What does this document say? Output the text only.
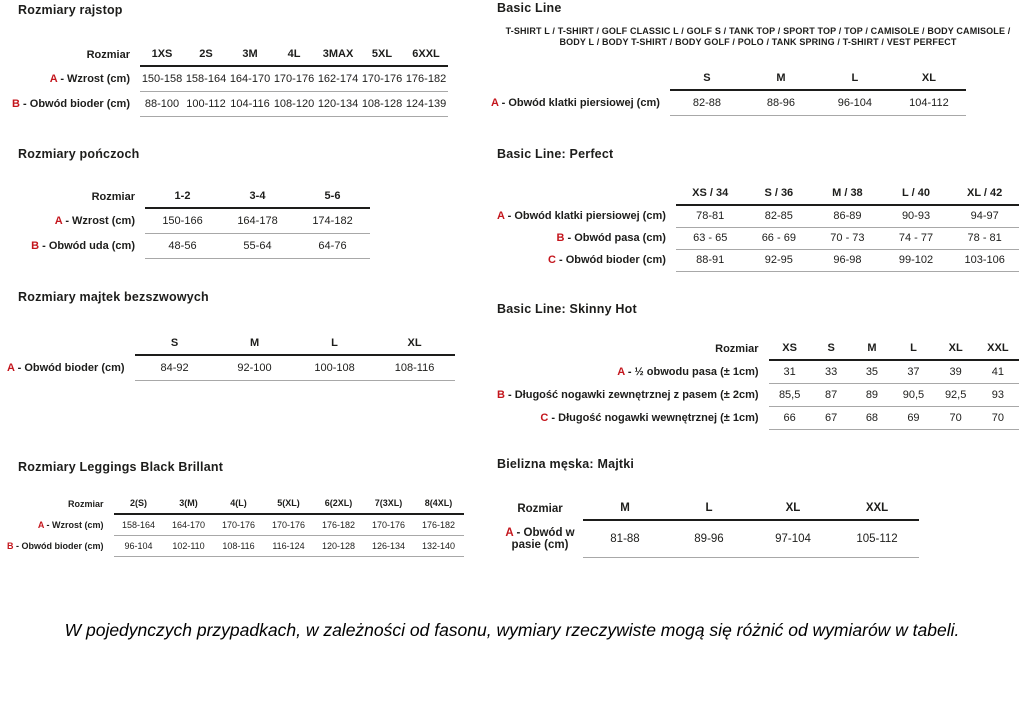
Rozmiary rajstop
Rozmiar	1XS	2S	3M	4L	3MAX	5XL	6XXL
A - Wzrost (cm)	150-158	158-164	164-170	170-176	162-174	170-176	176-182
B - Obwód bioder (cm)	88-100	100-112	104-116	108-120	120-134	108-128	124-139
Rozmiary pończoch
Rozmiar	1-2	3-4	5-6
A - Wzrost (cm)	150-166	164-178	174-182
B - Obwód uda (cm)	48-56	55-64	64-76
Rozmiary majtek bezszwowych
	S	M	L	XL
A - Obwód bioder (cm)	84-92	92-100	100-108	108-116
Rozmiary Leggings Black Brillant
Rozmiar	2(S)	3(M)	4(L)	5(XL)	6(2XL)	7(3XL)	8(4XL)
A - Wzrost (cm)	158-164	164-170	170-176	170-176	176-182	170-176	176-182
B - Obwód bioder (cm)	96-104	102-110	108-116	116-124	120-128	126-134	132-140
Basic Line

T-SHIRT L / T-SHIRT / GOLF CLASSIC L / GOLF S / TANK TOP / SPORT TOP / TOP / CAMISOLE / BODY CAMISOLE / BODY L / BODY T-SHIRT / BODY GOLF / POLO / TANK SPRING / T-SHIRT / VEST PERFECT

	S	M	L	XL
A - Obwód klatki piersiowej (cm)	82-88	88-96	96-104	104-112
Basic Line: Perfect
	XS / 34	S / 36	M / 38	L / 40	XL / 42
A - Obwód klatki piersiowej (cm)	78-81	82-85	86-89	90-93	94-97
B - Obwód pasa (cm)	63 - 65	66 - 69	70 - 73	74 - 77	78 - 81
C - Obwód bioder (cm)	88-91	92-95	96-98	99-102	103-106
Basic Line: Skinny Hot
Rozmiar	XS	S	M	L	XL	XXL
A - ½ obwodu pasa (± 1cm)	31	33	35	37	39	41
B - Długość nogawki zewnętrznej z pasem (± 2cm)	85,5	87	89	90,5	92,5	93
C - Długość nogawki wewnętrznej (± 1cm)	66	67	68	69	70	70
Bielizna męska: Majtki
Rozmiar	M	L	XL	XXL
A - Obwód w pasie (cm)	81-88	89-96	97-104	105-112

W pojedynczych przypadkach, w zależności od fasonu, wymiary rzeczywiste mogą się różnić od wymiarów w tabeli.
